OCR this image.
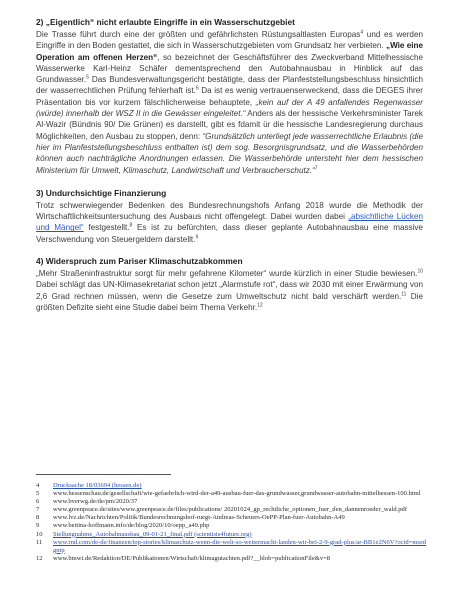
2) „Eigentlich“ nicht erlaubte Eingriffe in ein Wasserschutzgebiet

Die Trasse führt durch eine der größten und gefährlichsten Rüstungsaltlasten Europas$^4$ und es werden Eingriffe in den Boden gestattet, die sich in Wasserschutzgebieten vom Grundsatz her verbieten. „Wie eine Operation am offenen Herzen“, so bezeichnet der Geschäftsführer des Zweckverband Mittelhessische Wasserwerke Karl-Heinz Schäfer dementsprechend den Autobahnausbau in Hinblick auf das Grundwasser.$^5$ Das Bundesverwaltungsgericht bestätigte, dass der Planfeststellungsbeschluss hinsichtlich der wasserrechtlichen Prüfung fehlerhaft ist.$^6$ Da ist es wenig vertrauenserweckend, dass die DEGES ihrer Präsentation bis vor kurzem fälschlicherweise behauptete, „kein auf der A 49 anfallendes Regenwasser (würde) innerhalb der WSZ II in die Gewässer eingeleitet.“ Anders als der hessische Verkehrsminister Tarek Al-Wazir (Bündnis 90/ Die Grünen) es darstellt, gibt es fdamit ür die hessische Landesregierung durchaus Möglichkeiten, den Ausbau zu stoppen, denn: “Grundsätzlich unterliegt jede wasserrechtliche Erlaubnis (die hier im Planfeststellungsbeschluss enthalten ist) dem sog. Besorgnisgrundsatz, und die Wasserbehörden können auch nachträgliche Anordnungen erlassen. Die Wasserbehörde untersteht hier dem hessischen Ministerium für Umwelt, Klimaschutz, Landwirtschaft und Verbraucherschutz.“$^7$

3) Undurchsichtige Finanzierung

Trotz schwerwiegender Bedenken des Bundesrechnungshofs Anfang 2018 wurde die Methodik der Wirtschaftlichkeitsuntersuchung des Ausbaus nicht offengelegt. Dabei wurden dabei „absichtliche Lücken und Mängel“ festgestellt.$^8$ Es ist zu befürchten, dass dieser geplante Autobahnausbau eine massive Verschwendung von Steuergeldern darstellt.$^9$

4) Widerspruch zum Pariser Klimaschutzabkommen

„Mehr Straßeninfrastruktur sorgt für mehr gefahrene Kilometer“ wurde kürzlich in einer Studie bewiesen.$^{10}$ Dabei schlägt das UN-Klimasekretariat schon jetzt „Alarmstufe rot“, dass wir 2030 mit einer Erwärmung von 2,6 Grad rechnen müssen, wenn die Gesetze zum Umweltschutz nicht bald verschärft werden.$^{11}$ Die größten Defizite sieht eine Studie dabei beim Thema Verkehr.$^{12}$

4	Drucksache 18/03694 (hessen.de)
5	www.hessenschau.de/gesellschaft/wie-gefaehrlich-wird-der-a49-ausbau-fuer-das-grundwasser,grundwasser-autobahn-mittelhessen-100.html
6	www.bverwg.de/de/pm/2020/37
7	www.greenpeace.de/sites/www.greenpeace.de/files/publications/ 20201024_gp_rechtliche_optionen_fuer_den_dannenroeder_wald.pdf
8	www.lvz.de/Nachrichten/Politik/Bundesrechnungshof-ruegt-Andreas-Scheuers-OePP-Plan-fuer-Autobahn-A49
9	www.bettina-hoffmann.info/de/blog/2020/10/oepp_a49.php
10	Stellungnahme_Autobahnausbau_09-01-21_final.pdf (scientists4future.org)
11	www.rnd.com/de-de/finanzen/top-stories/klimaschutz-wenn-die-welt-so-weitermacht-landen-wir-bei-2-9-grad-plus/ar-BB1e2N6V?ocid=msedgntp
12	www.bmwi.de/Redaktion/DE/Publikationen/Wirtschaft/klimagutachten.pdf?__blob=publicationFile&v=8
